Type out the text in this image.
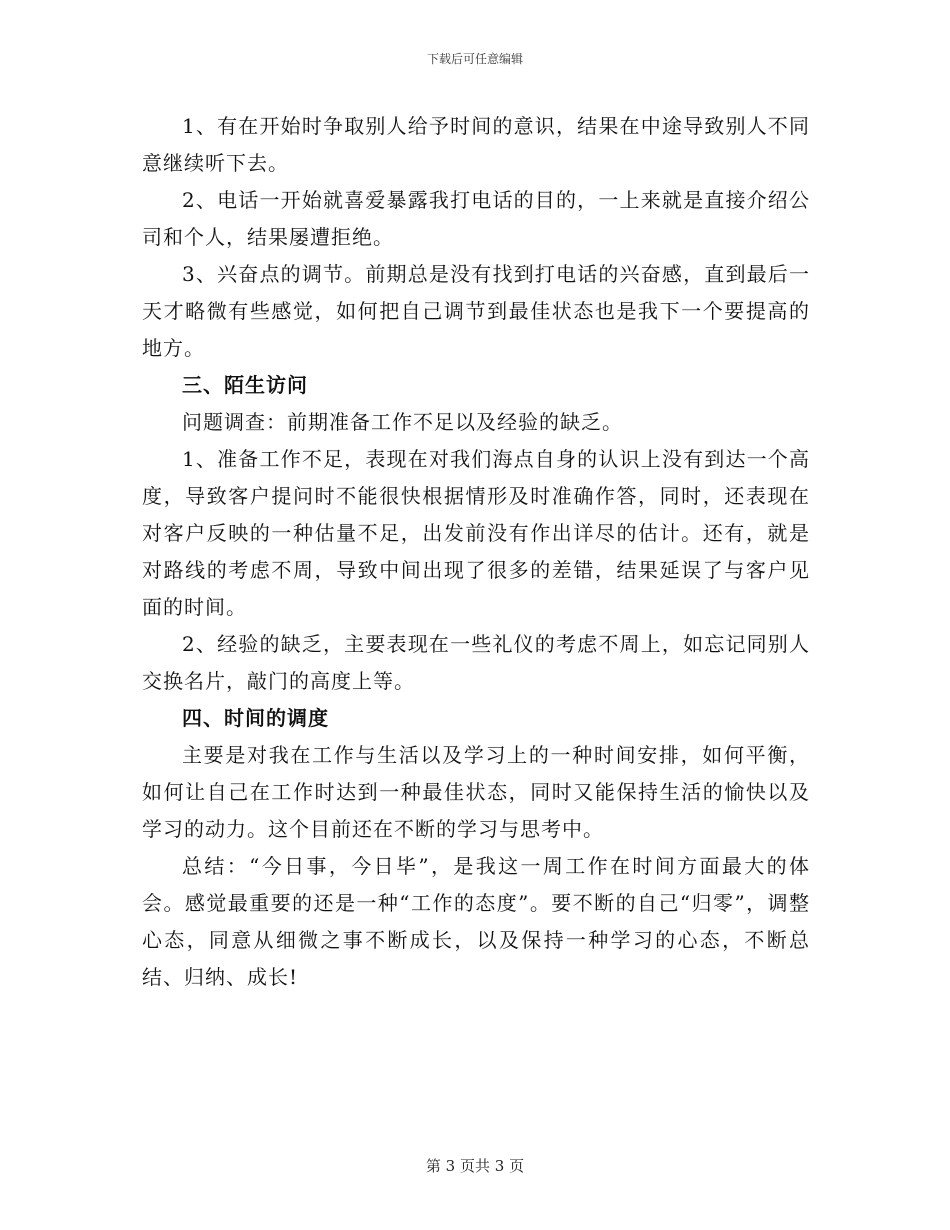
下载后可任意编辑

1、有在开始时争取别人给予时间的意识，结果在中途导致别人不同意继续听下去。

2、电话一开始就喜爱暴露我打电话的目的，一上来就是直接介绍公司和个人，结果屡遭拒绝。

3、兴奋点的调节。前期总是没有找到打电话的兴奋感，直到最后一天才略微有些感觉，如何把自己调节到最佳状态也是我下一个要提高的地方。

三、陌生访问

问题调查：前期准备工作不足以及经验的缺乏。

1、准备工作不足，表现在对我们海点自身的认识上没有到达一个高度，导致客户提问时不能很快根据情形及时准确作答，同时，还表现在对客户反映的一种估量不足，出发前没有作出详尽的估计。还有，就是对路线的考虑不周，导致中间出现了很多的差错，结果延误了与客户见面的时间。

2、经验的缺乏，主要表现在一些礼仪的考虑不周上，如忘记同别人交换名片，敲门的高度上等。

四、时间的调度

主要是对我在工作与生活以及学习上的一种时间安排，如何平衡，如何让自己在工作时达到一种最佳状态，同时又能保持生活的愉快以及学习的动力。这个目前还在不断的学习与思考中。

总结：“今日事，今日毕”，是我这一周工作在时间方面最大的体会。感觉最重要的还是一种“工作的态度”。要不断的自己“归零”，调整心态，同意从细微之事不断成长，以及保持一种学习的心态，不断总结、归纳、成长!

第 3 页共 3 页
